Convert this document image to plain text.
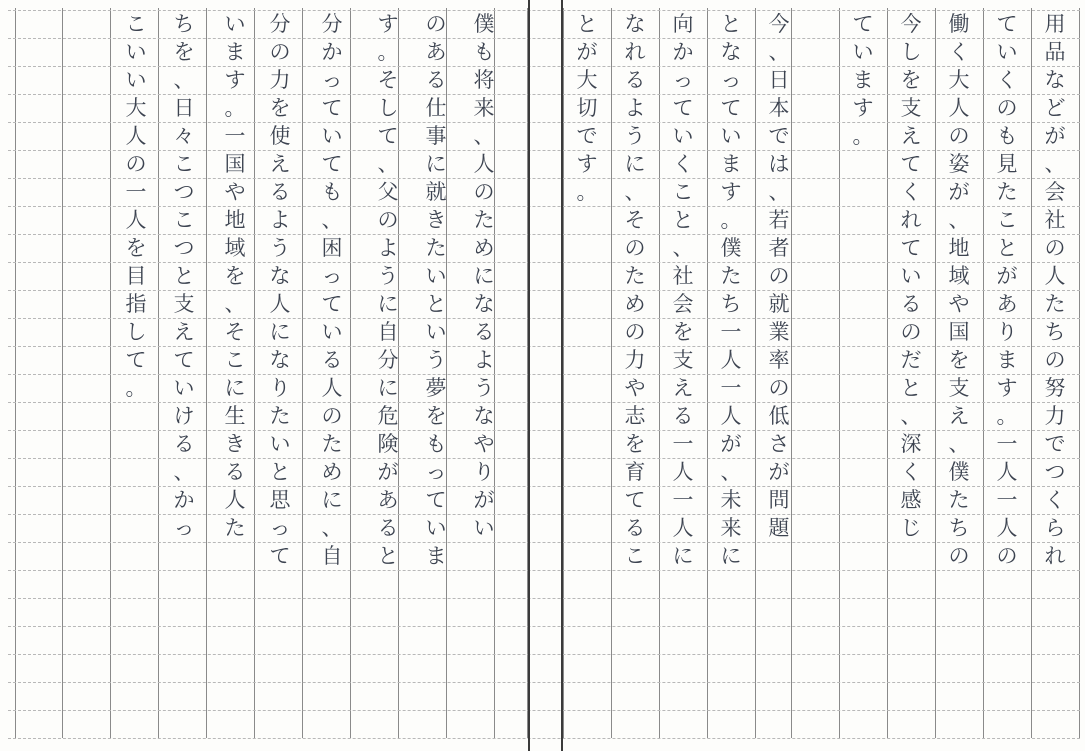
用
品
な
ど
が
、
会
社
の
人
た
ち
の
努
力
で
つ
く
ら
れ
て
い
く
の
も
見
た
こ
と
が
あ
り
ま
す
。
一
人
一
人
の
働
く
大
人
の
姿
が
、
地
域
や
国
を
支
え
、
僕
た
ち
の
今
し
を
支
え
て
く
れ
て
い
る
の
だ
と
、
深
く
感
じ
て
い
ま
す
。
今
、
日
本
で
は
、
若
者
の
就
業
率
の
低
さ
が
問
題
と
な
っ
て
い
ま
す
。
僕
た
ち
一
人
一
人
が
、
未
来
に
向
か
っ
て
い
く
こ
と
、
社
会
を
支
え
る
一
人
一
人
に
な
れ
る
よ
う
に
、
そ
の
た
め
の
力
や
志
を
育
て
る
こ
と
が
大
切
で
す
。
僕
も
将
来
、
人
の
た
め
に
な
る
よ
う
な
や
り
が
い
の
あ
る
仕
事
に
就
き
た
い
と
い
う
夢
を
も
っ
て
い
ま
す
。
そ
し
て
、
父
の
よ
う
に
自
分
に
危
険
が
あ
る
と
分
か
っ
て
い
て
も
、
困
っ
て
い
る
人
の
た
め
に
、
自
分
の
力
を
使
え
る
よ
う
な
人
に
な
り
た
い
と
思
っ
て
い
ま
す
。
一
国
や
地
域
を
、
そ
こ
に
生
き
る
人
た
ち
を
、
日
々
こ
つ
こ
つ
と
支
え
て
い
け
る
、
か
っ
こ
い
い
大
人
の
一
人
を
目
指
し
て
。
